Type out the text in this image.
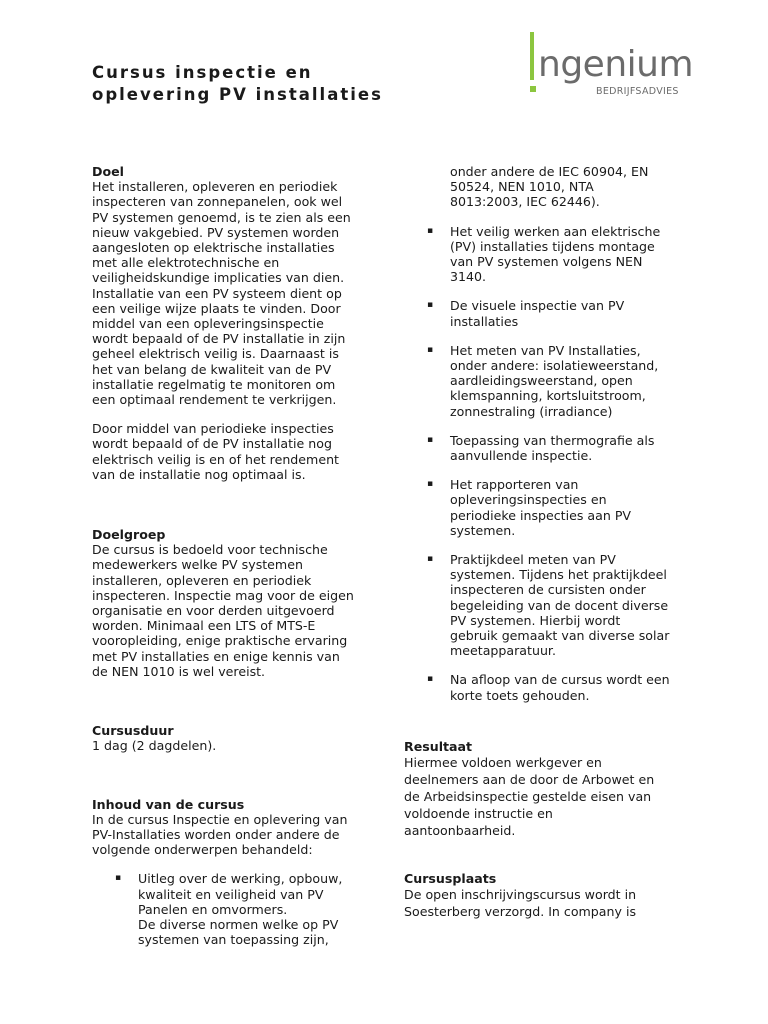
Cursus inspectie en
oplevering PV installaties
ngenium
BEDRIJFSADVIES
Doel

Het installeren, opleveren en periodiek
inspecteren van zonnepanelen, ook wel
PV systemen genoemd, is te zien als een
nieuw vakgebied. PV systemen worden
aangesloten op elektrische installaties
met alle elektrotechnische en
veiligheidskundige implicaties van dien.
Installatie van een PV systeem dient op
een veilige wijze plaats te vinden. Door
middel van een opleveringsinspectie
wordt bepaald of de PV installatie in zijn
geheel elektrisch veilig is. Daarnaast is
het van belang de kwaliteit van de PV
installatie regelmatig te monitoren om
een optimaal rendement te verkrijgen.

Door middel van periodieke inspecties
wordt bepaald of de PV installatie nog
elektrisch veilig is en of het rendement
van de installatie nog optimaal is.

Doelgroep

De cursus is bedoeld voor technische
medewerkers welke PV systemen
installeren, opleveren en periodiek
inspecteren. Inspectie mag voor de eigen
organisatie en voor derden uitgevoerd
worden. Minimaal een LTS of MTS-E
vooropleiding, enige praktische ervaring
met PV installaties en enige kennis van
de NEN 1010 is wel vereist.

Cursusduur

1 dag (2 dagdelen).

Inhoud van de cursus

In de cursus Inspectie en oplevering van
PV-Installaties worden onder andere de
volgende onderwerpen behandeld:

▪ Uitleg over de werking, opbouw,
kwaliteit en veiligheid van PV
Panelen en omvormers.
De diverse normen welke op PV
systemen van toepassing zijn,

onder andere de IEC 60904, EN
50524, NEN 1010, NTA
8013:2003, IEC 62446).

▪ Het veilig werken aan elektrische
(PV) installaties tijdens montage
van PV systemen volgens NEN
3140.
▪ De visuele inspectie van PV
installaties
▪ Het meten van PV Installaties,
onder andere: isolatieweerstand,
aardleidingsweerstand, open
klemspanning, kortsluitstroom,
zonnestraling (irradiance)
▪ Toepassing van thermografie als
aanvullende inspectie.
▪ Het rapporteren van
opleveringsinspecties en
periodieke inspecties aan PV
systemen.
▪ Praktijkdeel meten van PV
systemen. Tijdens het praktijkdeel
inspecteren de cursisten onder
begeleiding van de docent diverse
PV systemen. Hierbij wordt
gebruik gemaakt van diverse solar
meetapparatuur.
▪ Na afloop van de cursus wordt een
korte toets gehouden.
Resultaat

Hiermee voldoen werkgever en
deelnemers aan de door de Arbowet en
de Arbeidsinspectie gestelde eisen van
voldoende instructie en
aantoonbaarheid.

Cursusplaats

De open inschrijvingscursus wordt in
Soesterberg verzorgd. In company is
